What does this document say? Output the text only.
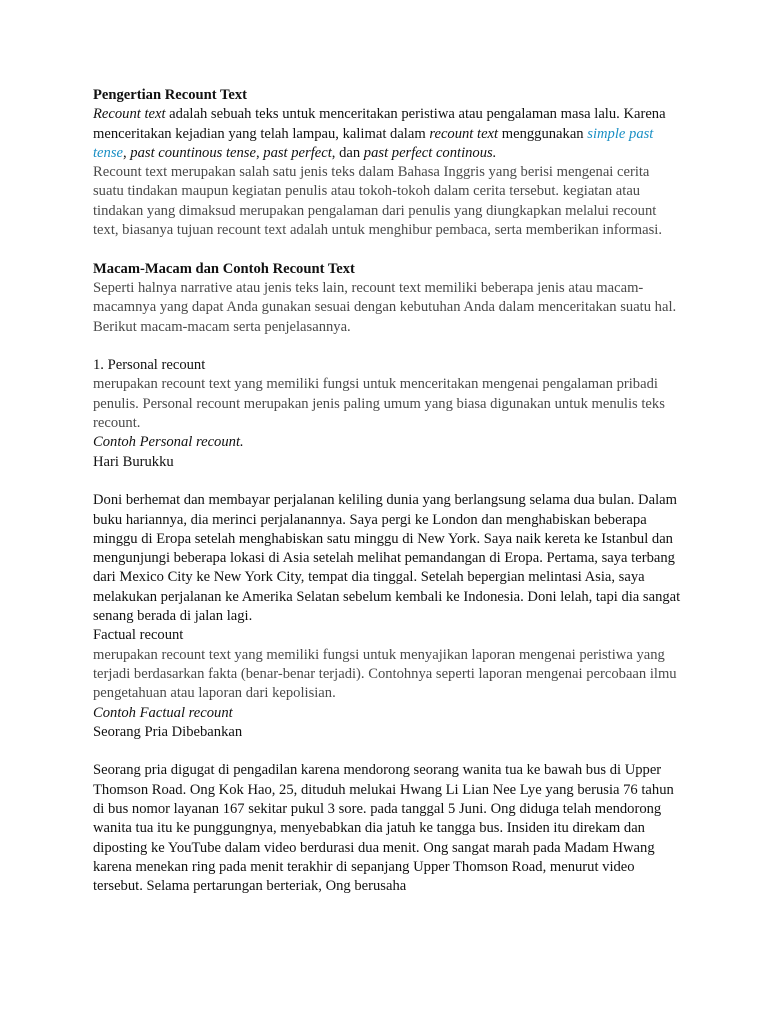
Pengertian Recount Text

Recount text adalah sebuah teks untuk menceritakan peristiwa atau pengalaman masa lalu. Karena menceritakan kejadian yang telah lampau, kalimat dalam recount text menggunakan simple past tense, past countinous tense, past perfect, dan past perfect continous.

Recount text merupakan salah satu jenis teks dalam Bahasa Inggris yang berisi mengenai cerita suatu tindakan maupun kegiatan penulis atau tokoh-tokoh dalam cerita tersebut. kegiatan atau tindakan yang dimaksud merupakan pengalaman dari penulis yang diungkapkan melalui recount text, biasanya tujuan recount text adalah untuk menghibur pembaca, serta memberikan informasi.

Macam-Macam dan Contoh Recount Text

Seperti halnya narrative atau jenis teks lain, recount text memiliki beberapa jenis atau macam-macamnya yang dapat Anda gunakan sesuai dengan kebutuhan Anda dalam menceritakan suatu hal. Berikut macam-macam serta penjelasannya.

1. Personal recount

merupakan recount text yang memiliki fungsi untuk menceritakan mengenai pengalaman pribadi penulis. Personal recount merupakan jenis paling umum yang biasa digunakan untuk menulis teks recount.

Contoh Personal recount.

Hari Burukku

Doni berhemat dan membayar perjalanan keliling dunia yang berlangsung selama dua bulan. Dalam buku hariannya, dia merinci perjalanannya. Saya pergi ke London dan menghabiskan beberapa minggu di Eropa setelah menghabiskan satu minggu di New York. Saya naik kereta ke Istanbul dan mengunjungi beberapa lokasi di Asia setelah melihat pemandangan di Eropa. Pertama, saya terbang dari Mexico City ke New York City, tempat dia tinggal. Setelah bepergian melintasi Asia, saya melakukan perjalanan ke Amerika Selatan sebelum kembali ke Indonesia. Doni lelah, tapi dia sangat senang berada di jalan lagi.

Factual recount

merupakan recount text yang memiliki fungsi untuk menyajikan laporan mengenai peristiwa yang terjadi berdasarkan fakta (benar-benar terjadi). Contohnya seperti laporan mengenai percobaan ilmu pengetahuan atau laporan dari kepolisian.

Contoh Factual recount

Seorang Pria Dibebankan

Seorang pria digugat di pengadilan karena mendorong seorang wanita tua ke bawah bus di Upper Thomson Road. Ong Kok Hao, 25, dituduh melukai Hwang Li Lian Nee Lye yang berusia 76 tahun di bus nomor layanan 167 sekitar pukul 3 sore. pada tanggal 5 Juni. Ong diduga telah mendorong wanita tua itu ke punggungnya, menyebabkan dia jatuh ke tangga bus. Insiden itu direkam dan diposting ke YouTube dalam video berdurasi dua menit. Ong sangat marah pada Madam Hwang karena menekan ring pada menit terakhir di sepanjang Upper Thomson Road, menurut video tersebut. Selama pertarungan berteriak, Ong berusaha
